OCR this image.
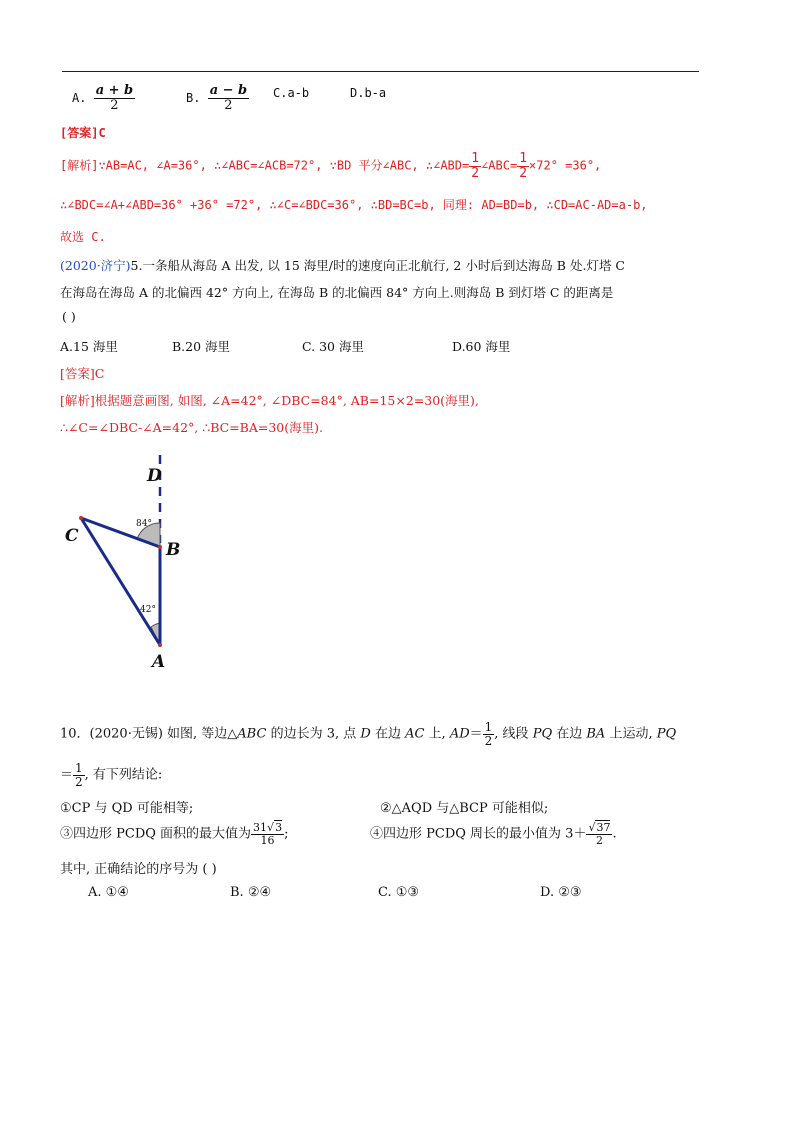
A. $\frac{a + b}{2}$	B. $\frac{a - b}{2} C.a-b$	D.b-a
[答案]C
[解析]∵AB=AC, ∠A=36°, ∴∠ABC=∠ACB=72°, ∵BD 平分∠ABC, ∴∠ABD= $\frac{1}{2}$ ∠ABC= $\frac{1}{2} \times 72^\circ =36^\circ$,
∴∠BDC=∠A+∠ABD=36° +36° =72°, ∴∠C=∠BDC=36°, ∴BD=BC=b, 同理: AD=BD=b, ∴CD=AC-AD=a-b,
故选 C.
(2020·济宁)5.一条船从海岛 A 出发, 以 15 海里/时的速度向正北航行, 2 小时后到达海岛 B 处.灯塔 C
在海岛在海岛 A 的北偏西 42° 方向上, 在海岛 B 的北偏西 84° 方向上.则海岛 B 到灯塔 C 的距离是
( )
A.15 海里	B.20 海里	C. 30 海里	D.60 海里
[答案]C
[解析]根据题意画图, 如图, ∠A=42°, ∠DBC=84°, AB=15×2=30(海里),
∴∠C=∠DBC-∠A=42°, ∴BC=BA=30(海里).
D
C
B
A
84°
42°
10．(2020·无锡) 如图, 等边△ABC 的边长为 3, 点 D 在边 AC 上, $AD= \frac{1}{2}$ , 线段 PQ 在边 BA 上运动, PQ
＝ $\frac{1}{2}$ , 有下列结论:
①CP 与 QD 可能相等;	②△AQD 与△BCP 可能相似;
③四边形 PCDQ 面积的最大值为 $\frac{31√3}{16}$ ;	④四边形 PCDQ 周长的最小值为 $3+ \frac{√37}{2}$ .
其中, 正确结论的序号为 ( )
A. ①④	B. ②④	C. ①③	D. ②③
